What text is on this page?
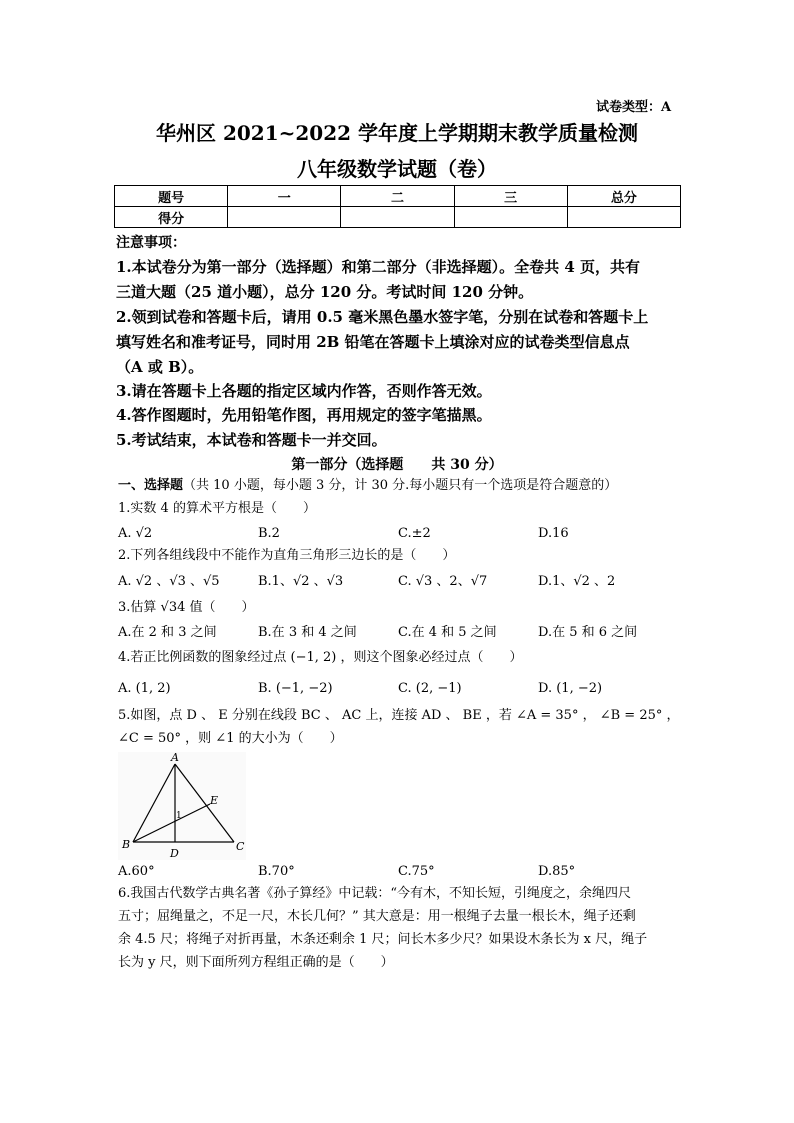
试卷类型：A
华州区 2021~2022 学年度上学期期末教学质量检测
八年级数学试题（卷）
题号	一	二	三	总分
得分				
注意事项：
1.本试卷分为第一部分（选择题）和第二部分（非选择题）。全卷共 4 页，共有
三道大题（25 道小题），总分 120 分。考试时间 120 分钟。
2.领到试卷和答题卡后，请用 0.5 毫米黑色墨水签字笔，分别在试卷和答题卡上
填写姓名和准考证号，同时用 2B 铅笔在答题卡上填涂对应的试卷类型信息点
（A 或 B）。
3.请在答题卡上各题的指定区域内作答，否则作答无效。
4.答作图题时，先用铅笔作图，再用规定的签字笔描黑。
5.考试结束，本试卷和答题卡一并交回。
第一部分（选择题　　共 30 分）
一、选择题（共 10 小题，每小题 3 分，计 30 分.每小题只有一个选项是符合题意的）
1.实数 4 的算术平方根是（　　）
A. √2	B.2	C.±2	D.16
2.下列各组线段中不能作为直角三角形三边长的是（　　）
A. √2 、√3 、√5	B.1、√2 、√3	C. √3 、2、√7	D.1、√2 、2
3.估算 √34 值（　　）
A.在 2 和 3 之间	B.在 3 和 4 之间	C.在 4 和 5 之间	D.在 5 和 6 之间
4.若正比例函数的图象经过点 (−1, 2) ，则这个图象必经过点（　　）
A. (1, 2)	B. (−1, −2)	C. (2, −1)	D. (1, −2)
5.如图，点 D 、 E 分别在线段 BC 、 AC 上，连接 AD 、 BE ，若 ∠A = 35° ， ∠B = 25° ，
∠C = 50° ，则 ∠1 的大小为（　　）
A
B	C
D
E
1
A.60°	B.70°	C.75°	D.85°
6.我国古代数学古典名著《孙子算经》中记载：“今有木，不知长短，引绳度之，余绳四尺
五寸；屈绳量之，不足一尺，木长几何？” 其大意是：用一根绳子去量一根长木，绳子还剩
余 4.5 尺；将绳子对折再量，木条还剩余 1 尺；问长木多少尺？如果设木条长为 x 尺，绳子
长为 y 尺，则下面所列方程组正确的是（　　）
